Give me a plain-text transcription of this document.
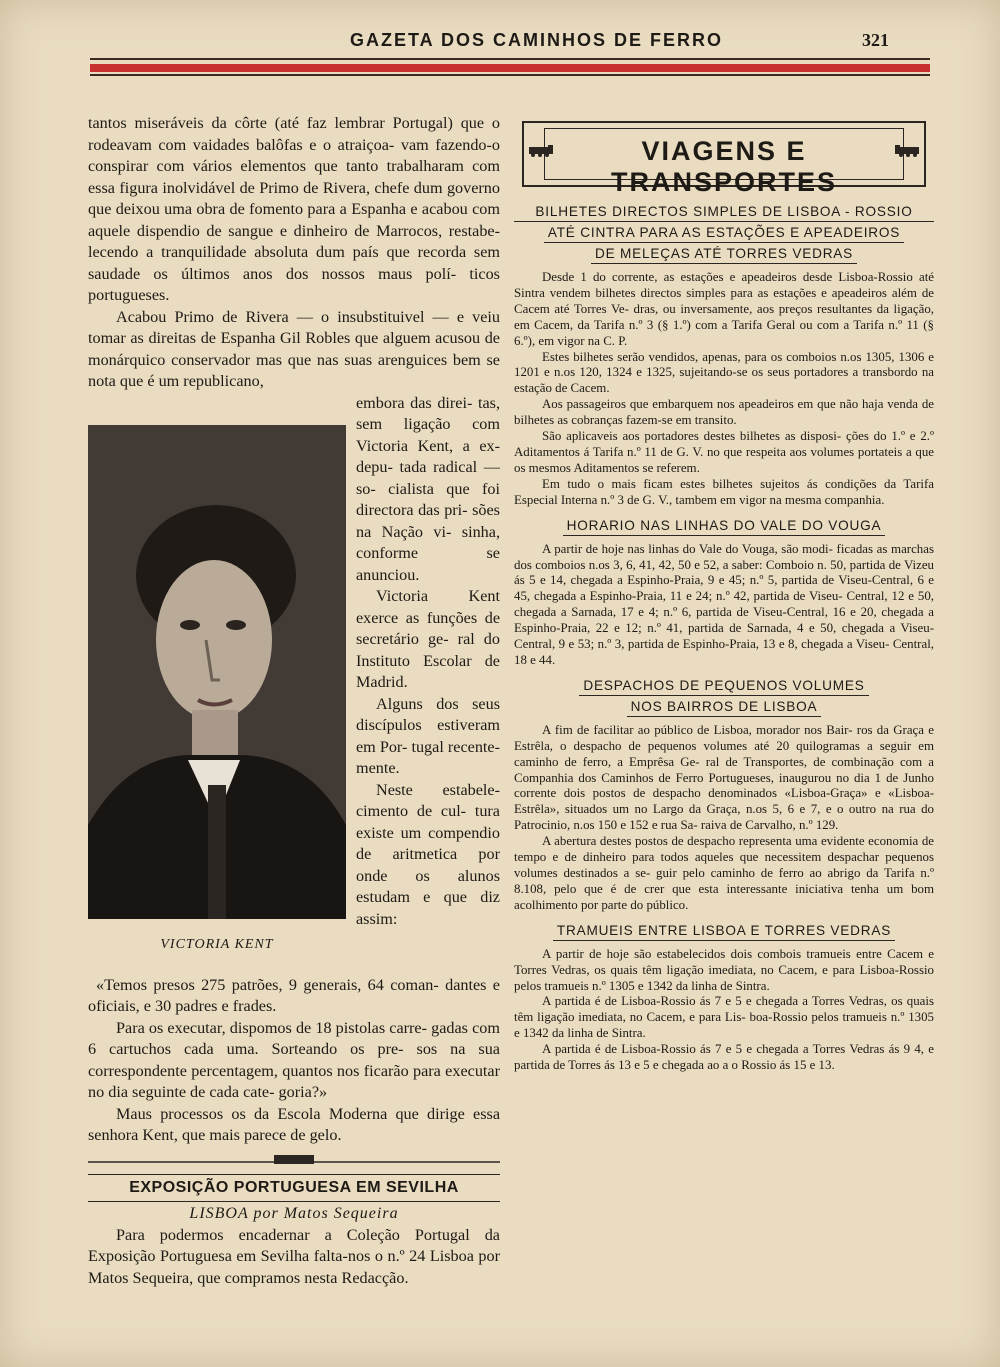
GAZETA DOS CAMINHOS DE FERRO	321

tantos miseráveis da côrte (até faz lembrar Portugal) que o rodeavam com vaidades balôfas e o atraiçoa- vam fazendo-o conspirar com vários elementos que tanto trabalharam com essa figura inolvidável de Primo de Rivera, chefe dum governo que deixou uma obra de fomento para a Espanha e acabou com aquele dispendio de sangue e dinheiro de Marrocos, restabe- lecendo a tranquilidade absoluta dum país que recorda sem saudade os últimos anos dos nossos maus polí- ticos portugueses.

Acabou Primo de Rivera — o insubstituivel — e veiu tomar as direitas de Espanha Gil Robles que alguem acusou de monárquico conservador mas que nas suas arenguices bem se nota que é um republicano,

VICTORIA KENT

embora das direi- tas, sem ligação com Victoria Kent, a ex-depu- tada radical — so- cialista que foi directora das pri- sões na Nação vi- sinha, conforme se anunciou.

Victoria Kent exerce as funções de secretário ge- ral do Instituto Escolar de Madrid.

Alguns dos seus discípulos estiveram em Por- tugal recente- mente.

Neste estabele- cimento de cul- tura existe um compendio de aritmetica por onde os alunos estudam e que diz assim:

«Temos presos 275 patrões, 9 generais, 64 coman- dantes e oficiais, e 30 padres e frades.

Para os executar, dispomos de 18 pistolas carre- gadas com 6 cartuchos cada uma. Sorteando os pre- sos na sua correspondente percentagem, quantos nos ficarão para executar no dia seguinte de cada cate- goria?»

Maus processos os da Escola Moderna que dirige essa senhora Kent, que mais parece de gelo.

EXPOSIÇÃO PORTUGUESA EM SEVILHA
LISBOA por Matos Sequeira

Para podermos encadernar a Coleção Portugal da Exposição Portuguesa em Sevilha falta-nos o n.º 24 Lisboa por Matos Sequeira, que compramos nesta Redacção.

VIAGENS E TRANSPORTES
BILHETES DIRECTOS SIMPLES DE LISBOA - ROSSIO
ATÉ CINTRA PARA AS ESTAÇÕES E APEADEIROS
DE MELEÇAS ATÉ TORRES VEDRAS

Desde 1 do corrente, as estações e apeadeiros desde Lisboa-Rossio até Sintra vendem bilhetes directos simples para as estações e apeadeiros além de Cacem até Torres Ve- dras, ou inversamente, aos preços resultantes da ligação, em Cacem, da Tarifa n.º 3 (§ 1.º) com a Tarifa Geral ou com a Tarifa n.º 11 (§ 6.º), em vigor na C. P.

Estes bilhetes serão vendidos, apenas, para os comboios n.os 1305, 1306 e 1201 e n.os 120, 1324 e 1325, sujeitando-se os seus portadores a transbordo na estação de Cacem.

Aos passageiros que embarquem nos apeadeiros em que não haja venda de bilhetes as cobranças fazem-se em transito.

São aplicaveis aos portadores destes bilhetes as disposi- ções do 1.º e 2.º Aditamentos á Tarifa n.º 11 de G. V. no que respeita aos volumes portateis a que os mesmos Aditamentos se referem.

Em tudo o mais ficam estes bilhetes sujeitos ás condições da Tarifa Especial Interna n.º 3 de G. V., tambem em vigor na mesma companhia.

HORARIO NAS LINHAS DO VALE DO VOUGA

A partir de hoje nas linhas do Vale do Vouga, são modi- ficadas as marchas dos comboios n.os 3, 6, 41, 42, 50 e 52, a saber: Comboio n. 50, partida de Vizeu ás 5 e 14, chegada a Espinho-Praia, 9 e 45; n.º 5, partida de Viseu-Central, 6 e 45, chegada a Espinho-Praia, 11 e 24; n.º 42, partida de Viseu- Central, 12 e 50, chegada a Sarnada, 17 e 4; n.º 6, partida de Viseu-Central, 16 e 20, chegada a Espinho-Praia, 22 e 12; n.º 41, partida de Sarnada, 4 e 50, chegada a Viseu-Central, 9 e 53; n.º 3, partida de Espinho-Praia, 13 e 8, chegada a Viseu- Central, 18 e 44.

DESPACHOS DE PEQUENOS VOLUMES
NOS BAIRROS DE LISBOA

A fim de facilitar ao público de Lisboa, morador nos Bair- ros da Graça e Estrêla, o despacho de pequenos volumes até 20 quilogramas a seguir em caminho de ferro, a Emprêsa Ge- ral de Transportes, de combinação com a Companhia dos Caminhos de Ferro Portugueses, inaugurou no dia 1 de Junho corrente dois postos de despacho denominados «Lisboa-Graça» e «Lisboa-Estrêla», situados um no Largo da Graça, n.os 5, 6 e 7, e o outro na rua do Patrocinio, n.os 150 e 152 e rua Sa- raiva de Carvalho, n.º 129.

A abertura destes postos de despacho representa uma evidente economia de tempo e de dinheiro para todos aqueles que necessitem despachar pequenos volumes destinados a se- guir pelo caminho de ferro ao abrigo da Tarifa n.º 8.108, pelo que é de crer que esta interessante iniciativa tenha um bom acolhimento por parte do público.

TRAMUEIS ENTRE LISBOA E TORRES VEDRAS

A partir de hoje são estabelecidos dois combois tramueis entre Cacem e Torres Vedras, os quais têm ligação imediata, no Cacem, e para Lisboa-Rossio pelos tramueis n.º 1305 e 1342 da linha de Sintra.

A partida é de Lisboa-Rossio ás 7 e 5 e chegada a Torres Vedras, os quais têm ligação imediata, no Cacem, e para Lis- boa-Rossio pelos tramueis n.º 1305 e 1342 da linha de Sintra.

A partida é de Lisboa-Rossio ás 7 e 5 e chegada a Torres Vedras ás 9 4, e partida de Torres ás 13 e 5 e chegada ao a o Rossio ás 15 e 13.
